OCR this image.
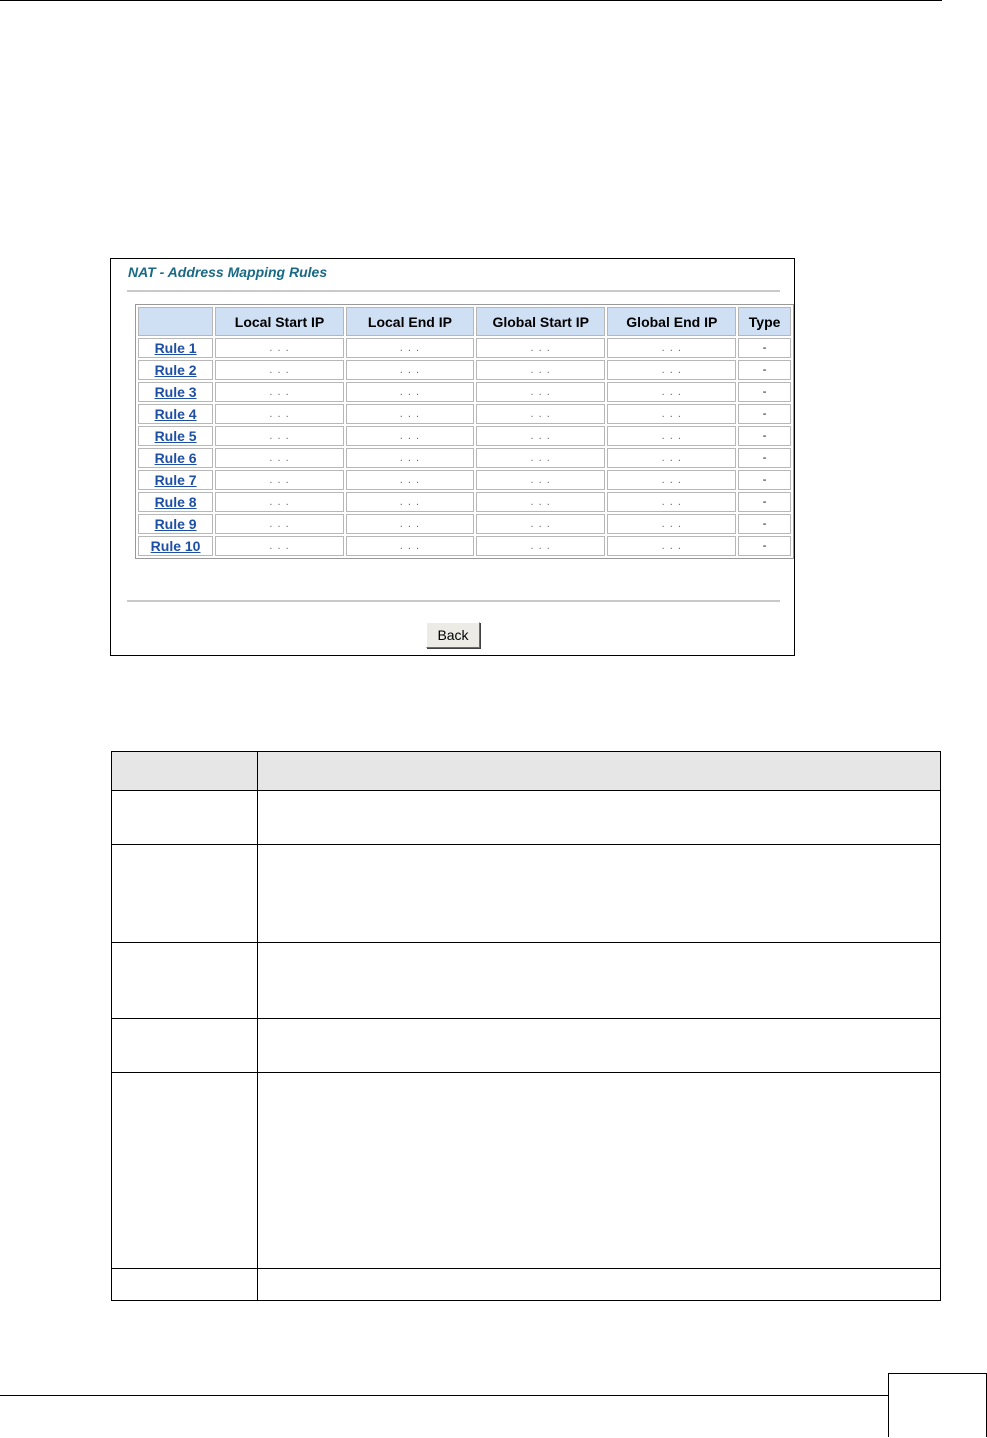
NAT - Address Mapping Rules
	Local Start IP	Local End IP	Global Start IP	Global End IP	Type
Rule 1	. . .	. . .	. . .	. . .	-
Rule 2	. . .	. . .	. . .	. . .	-
Rule 3	. . .	. . .	. . .	. . .	-
Rule 4	. . .	. . .	. . .	. . .	-
Rule 5	. . .	. . .	. . .	. . .	-
Rule 6	. . .	. . .	. . .	. . .	-
Rule 7	. . .	. . .	. . .	. . .	-
Rule 8	. . .	. . .	. . .	. . .	-
Rule 9	. . .	. . .	. . .	. . .	-
Rule 10	. . .	. . .	. . .	. . .	-
Back
